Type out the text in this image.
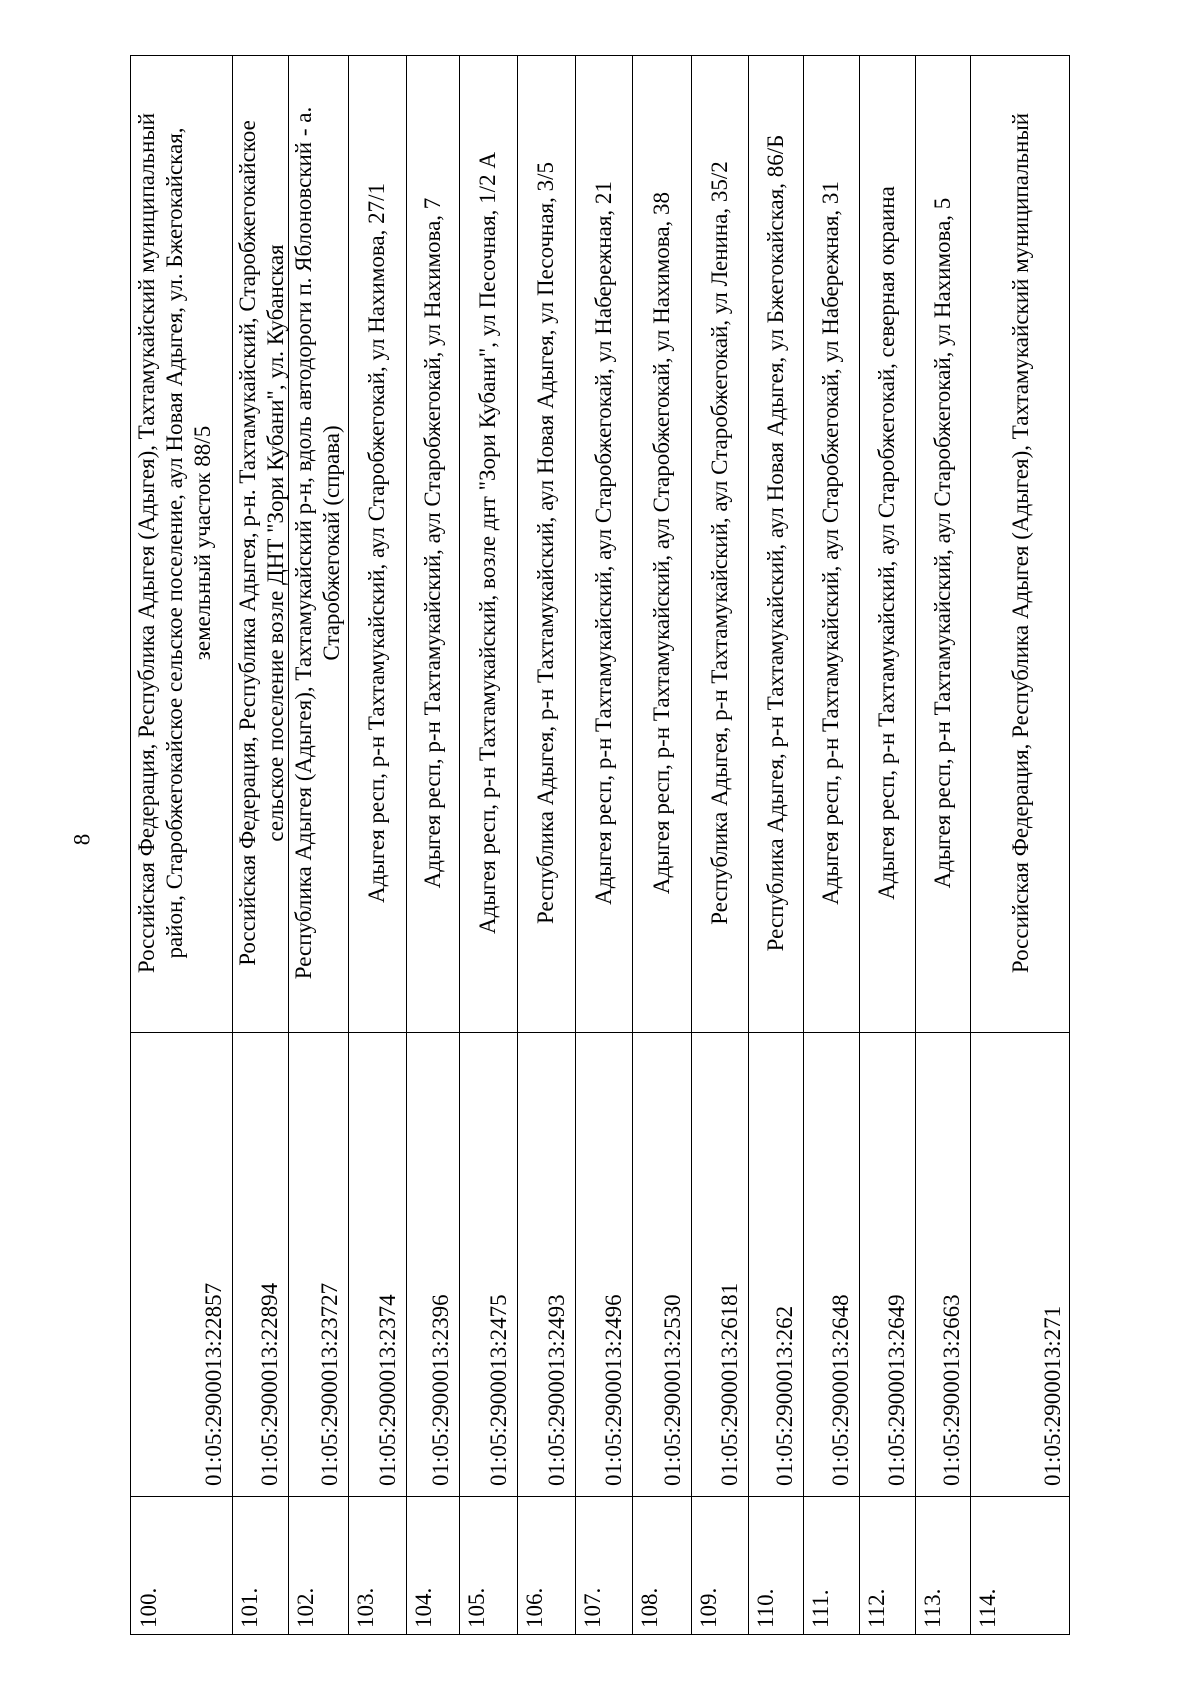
8
100.
01:05:2900013:22857
Российская Федерация, Республика Адыгея (Адыгея), Тахтамукайский муниципальный район, Старобжегокайское сельское поселение, аул Новая Адыгея, ул. Бжегокайская, земельный участок 88/5
101.
01:05:2900013:22894
Российская Федерация, Республика Адыгея, р-н. Тахтамукайский, Старобжегокайское сельское поселение возле ДНТ "Зори Кубани", ул. Кубанская
102.
01:05:2900013:23727
Республика Адыгея (Адыгея), Тахтамукайский р-н, вдоль автодороги п. Яблоновский - а. Старобжегокай (справа)
103.
01:05:2900013:2374
Адыгея респ, р-н Тахтамукайский, аул Старобжегокай, ул Нахимова, 27/1
104.
01:05:2900013:2396
Адыгея респ, р-н Тахтамукайский, аул Старобжегокай, ул Нахимова, 7
105.
01:05:2900013:2475
Адыгея респ, р-н Тахтамукайский, возле днт "Зори Кубани", ул Песочная, 1/2 А
106.
01:05:2900013:2493
Республика Адыгея, р-н Тахтамукайский, аул Новая Адыгея, ул Песочная, 3/5
107.
01:05:2900013:2496
Адыгея респ, р-н Тахтамукайский, аул Старобжегокай, ул Набережная, 21
108.
01:05:2900013:2530
Адыгея респ, р-н Тахтамукайский, аул Старобжегокай, ул Нахимова, 38
109.
01:05:2900013:26181
Республика Адыгея, р-н Тахтамукайский, аул Старобжегокай, ул Ленина, 35/2
110.
01:05:2900013:262
Республика Адыгея, р-н Тахтамукайский, аул Новая Адыгея, ул Бжегокайская, 86/Б
111.
01:05:2900013:2648
Адыгея респ, р-н Тахтамукайский, аул Старобжегокай, ул Набережная, 31
112.
01:05:2900013:2649
Адыгея респ, р-н Тахтамукайский, аул Старобжегокай, северная окраина
113.
01:05:2900013:2663
Адыгея респ, р-н Тахтамукайский, аул Старобжегокай, ул Нахимова, 5
114.
01:05:2900013:271
Российская Федерация, Республика Адыгея (Адыгея), Тахтамукайский муниципальный
